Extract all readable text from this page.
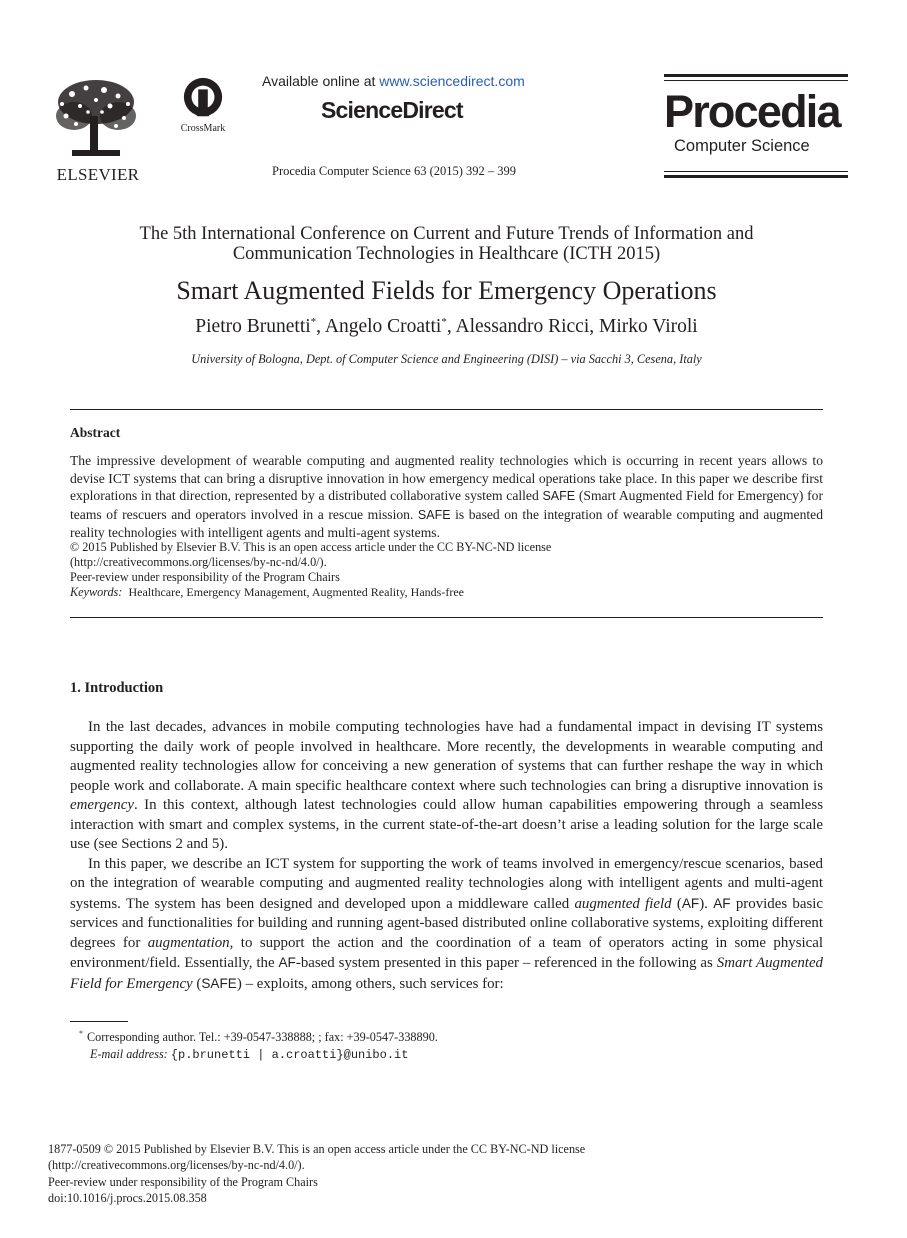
ELSEVIER
CrossMark
Available online at www.sciencedirect.com
ScienceDirect
Procedia Computer Science 63 (2015) 392 – 399
Procedia
Computer Science
The 5th International Conference on Current and Future Trends of Information and
Communication Technologies in Healthcare (ICTH 2015)
Smart Augmented Fields for Emergency Operations
Pietro Brunetti*, Angelo Croatti*, Alessandro Ricci, Mirko Viroli
University of Bologna, Dept. of Computer Science and Engineering (DISI) – via Sacchi 3, Cesena, Italy
Abstract
The impressive development of wearable computing and augmented reality technologies which is occurring in recent years allows to devise ICT systems that can bring a disruptive innovation in how emergency medical operations take place. In this paper we describe first explorations in that direction, represented by a distributed collaborative system called SAFE (Smart Augmented Field for Emergency) for teams of rescuers and operators involved in a rescue mission. SAFE is based on the integration of wearable computing and augmented reality technologies with intelligent agents and multi-agent systems.
© 2015 Published by Elsevier B.V. This is an open access article under the CC BY-NC-ND license
(http://creativecommons.org/licenses/by-nc-nd/4.0/).
Peer-review under responsibility of the Program Chairs
Keywords: Healthcare, Emergency Management, Augmented Reality, Hands-free
1. Introduction

In the last decades, advances in mobile computing technologies have had a fundamental impact in devising IT systems supporting the daily work of people involved in healthcare. More recently, the developments in wearable computing and augmented reality technologies allow for conceiving a new generation of systems that can further reshape the way in which people work and collaborate. A main specific healthcare context where such technologies can bring a disruptive innovation is emergency. In this context, although latest technologies could allow human capabilities empowering through a seamless interaction with smart and complex systems, in the current state-of-the-art doesn’t arise a leading solution for the large scale use (see Sections 2 and 5).

In this paper, we describe an ICT system for supporting the work of teams involved in emergency/rescue scenarios, based on the integration of wearable computing and augmented reality technologies along with intelligent agents and multi-agent systems. The system has been designed and developed upon a middleware called augmented field (AF). AF provides basic services and functionalities for building and running agent-based distributed online collaborative systems, exploiting different degrees for augmentation, to support the action and the coordination of a team of operators acting in some physical environment/field. Essentially, the AF-based system presented in this paper – referenced in the following as Smart Augmented Field for Emergency (SAFE) – exploits, among others, such services for:

* Corresponding author. Tel.: +39-0547-338888; ; fax: +39-0547-338890.
E-mail address: {p.brunetti | a.croatti}@unibo.it
1877-0509 © 2015 Published by Elsevier B.V. This is an open access article under the CC BY-NC-ND license
(http://creativecommons.org/licenses/by-nc-nd/4.0/).
Peer-review under responsibility of the Program Chairs
doi:10.1016/j.procs.2015.08.358
